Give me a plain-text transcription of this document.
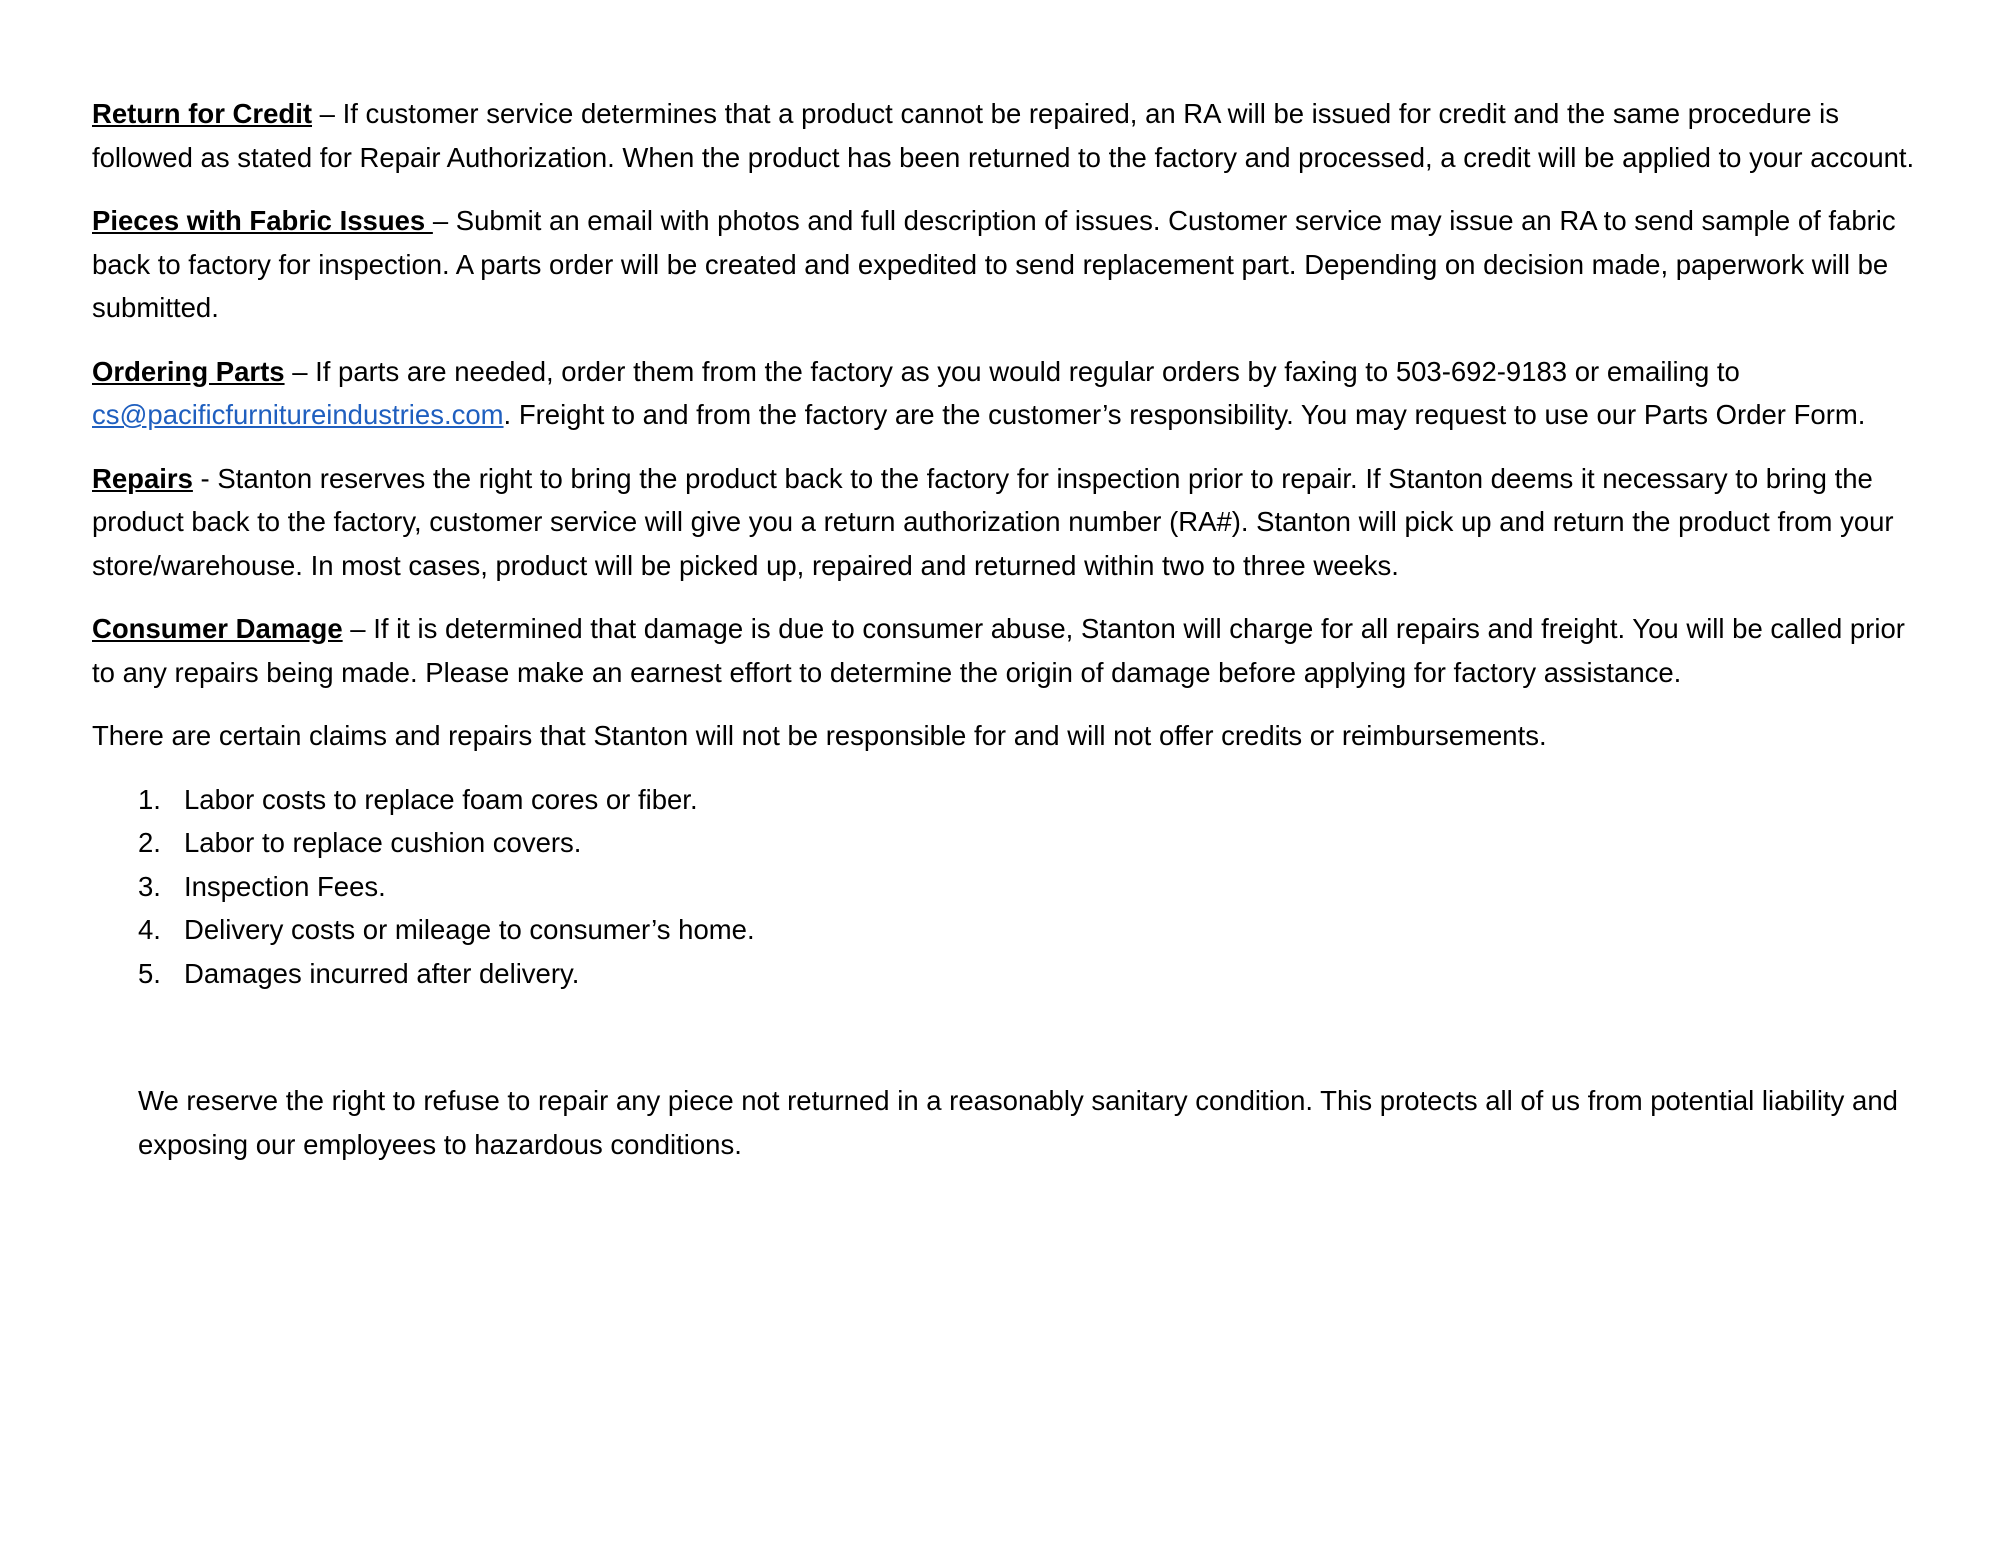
Return for Credit – If customer service determines that a product cannot be repaired, an RA will be issued for credit and the same procedure is followed as stated for Repair Authorization. When the product has been returned to the factory and processed, a credit will be applied to your account.

Pieces with Fabric Issues – Submit an email with photos and full description of issues. Customer service may issue an RA to send sample of fabric back to factory for inspection. A parts order will be created and expedited to send replacement part. Depending on decision made, paperwork will be submitted.

Ordering Parts – If parts are needed, order them from the factory as you would regular orders by faxing to 503-692-9183 or emailing to cs@pacificfurnitureindustries.com. Freight to and from the factory are the customer’s responsibility. You may request to use our Parts Order Form.

Repairs - Stanton reserves the right to bring the product back to the factory for inspection prior to repair. If Stanton deems it necessary to bring the product back to the factory, customer service will give you a return authorization number (RA#). Stanton will pick up and return the product from your store/warehouse. In most cases, product will be picked up, repaired and returned within two to three weeks.

Consumer Damage – If it is determined that damage is due to consumer abuse, Stanton will charge for all repairs and freight. You will be called prior to any repairs being made. Please make an earnest effort to determine the origin of damage before applying for factory assistance.

There are certain claims and repairs that Stanton will not be responsible for and will not offer credits or reimbursements.

1. Labor costs to replace foam cores or fiber.
2. Labor to replace cushion covers.
3. Inspection Fees.
4. Delivery costs or mileage to consumer’s home.
5. Damages incurred after delivery.

We reserve the right to refuse to repair any piece not returned in a reasonably sanitary condition. This protects all of us from potential liability and exposing our employees to hazardous conditions.
